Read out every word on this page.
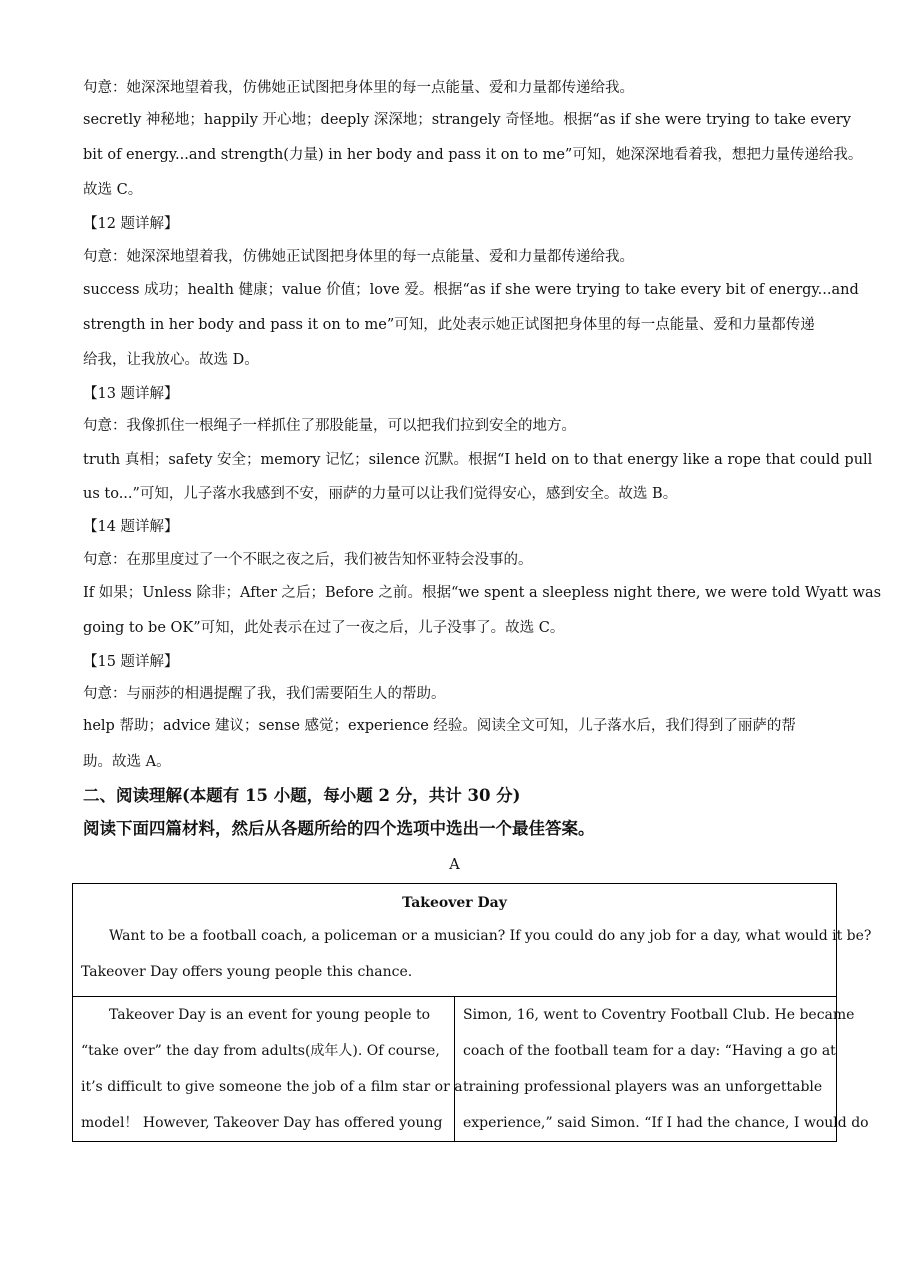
句意：她深深地望着我，仿佛她正试图把身体里的每一点能量、爱和力量都传递给我。
secretly 神秘地；happily 开心地；deeply 深深地；strangely 奇怪地。根据“as if she were trying to take every
bit of energy...and strength(力量) in her body and pass it on to me”可知，她深深地看着我，想把力量传递给我。
故选 C。
【12 题详解】
句意：她深深地望着我，仿佛她正试图把身体里的每一点能量、爱和力量都传递给我。
success 成功；health 健康；value 价值；love 爱。根据“as if she were trying to take every bit of energy...and
strength in her body and pass it on to me”可知，此处表示她正试图把身体里的每一点能量、爱和力量都传递
给我，让我放心。故选 D。
【13 题详解】
句意：我像抓住一根绳子一样抓住了那股能量，可以把我们拉到安全的地方。
truth 真相；safety 安全；memory 记忆；silence 沉默。根据“I held on to that energy like a rope that could pull
us to...”可知，儿子落水我感到不安，丽萨的力量可以让我们觉得安心，感到安全。故选 B。
【14 题详解】
句意：在那里度过了一个不眠之夜之后，我们被告知怀亚特会没事的。
If 如果；Unless 除非；After 之后；Before 之前。根据“we spent a sleepless night there, we were told Wyatt was
going to be OK”可知，此处表示在过了一夜之后，儿子没事了。故选 C。
【15 题详解】
句意：与丽莎的相遇提醒了我，我们需要陌生人的帮助。
help 帮助；advice 建议；sense 感觉；experience 经验。阅读全文可知，儿子落水后，我们得到了丽萨的帮
助。故选 A。
二、阅读理解(本题有 15 小题，每小题 2 分，共计 30 分)
阅读下面四篇材料，然后从各题所给的四个选项中选出一个最佳答案。
A

Takeover Day

Want to be a football coach, a policeman or a musician? If you could do any job for a day, what would it be?

Takeover Day offers young people this chance.

Takeover Day is an event for young people to

“take over” the day from adults(成年人). Of course,

it’s difficult to give someone the job of a film star or a

model！ However, Takeover Day has offered young

Simon, 16, went to Coventry Football Club. He became

coach of the football team for a day: “Having a go at

training professional players was an unforgettable

experience,” said Simon. “If I had the chance, I would do
